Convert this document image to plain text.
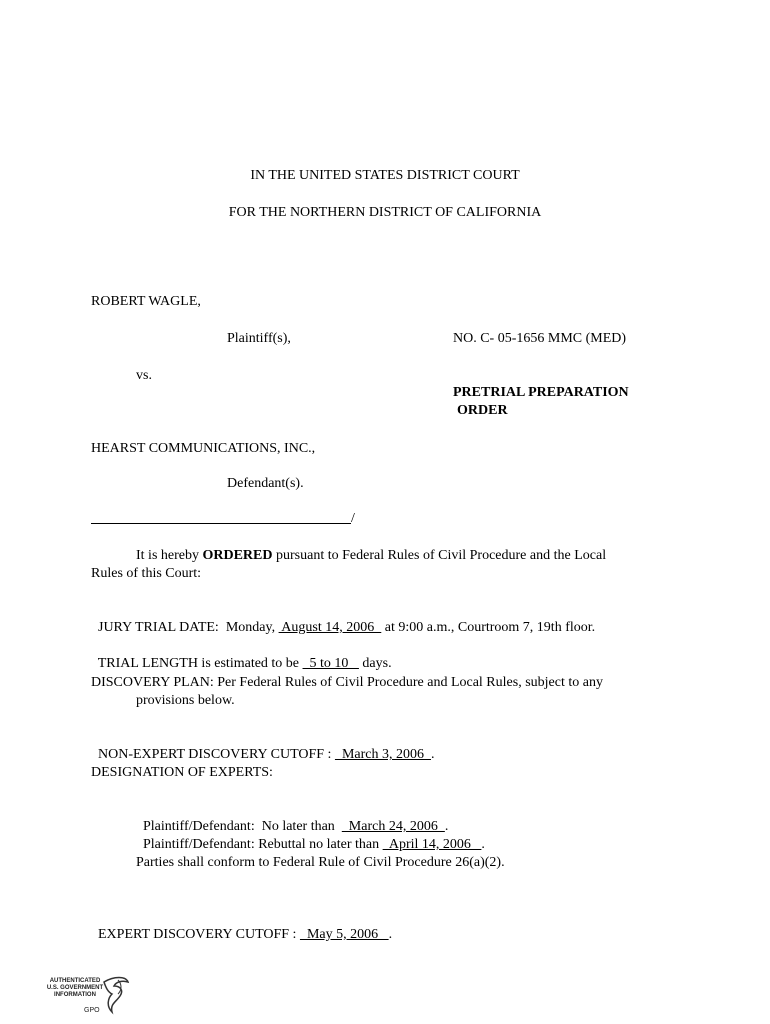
IN THE UNITED STATES DISTRICT COURT
FOR THE NORTHERN DISTRICT OF CALIFORNIA
ROBERT WAGLE,
Plaintiff(s),	NO. C- 05-1656 MMC (MED)
vs.
PRETRIAL PREPARATION
ORDER
HEARST COMMUNICATIONS, INC.,
Defendant(s).
/
It is hereby ORDERED pursuant to Federal Rules of Civil Procedure and the Local
Rules of this Court:

JURY TRIAL DATE:  Monday,  August 14, 2006   at 9:00 a.m., Courtroom 7, 19th floor.

TRIAL LENGTH is estimated to be   5 to 10    days.

DISCOVERY PLAN: Per Federal Rules of Civil Procedure and Local Rules, subject to any
provisions below.

NON-EXPERT DISCOVERY CUTOFF :   March 3, 2006  .

DESIGNATION OF EXPERTS:

Plaintiff/Defendant:  No later than    March 24, 2006  .

Plaintiff/Defendant: Rebuttal no later than   April 14, 2006   .

Parties shall conform to Federal Rule of Civil Procedure 26(a)(2).

EXPERT DISCOVERY CUTOFF :   May 5, 2006   .

AUTHENTICATED
U.S. GOVERNMENT
INFORMATION
GPO
